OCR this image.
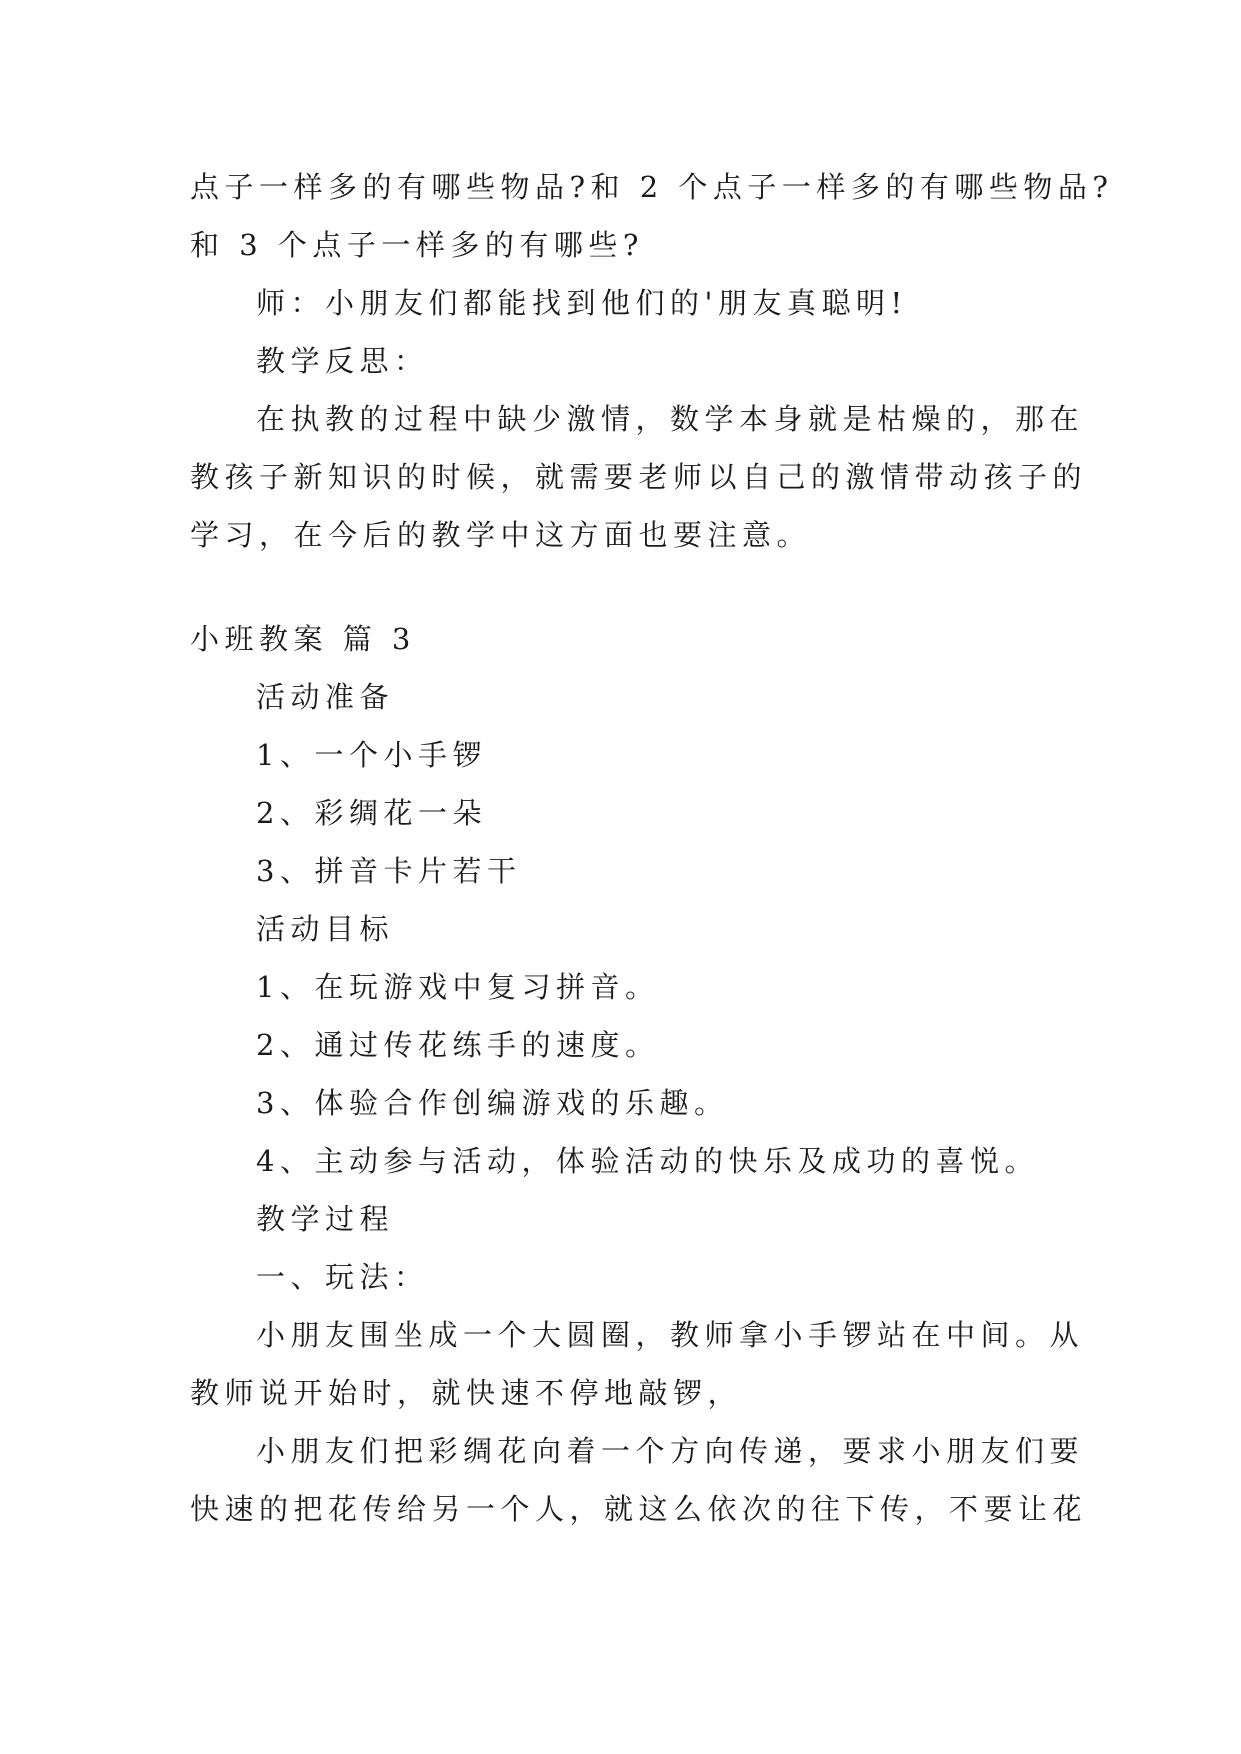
点子一样多的有哪些物品?和 2 个点子一样多的有哪些物品?
和 3 个点子一样多的有哪些?
师：小朋友们都能找到他们的'朋友真聪明!
教学反思：
在执教的过程中缺少激情，数学本身就是枯燥的，那在
教孩子新知识的时候，就需要老师以自己的激情带动孩子的
学习，在今后的教学中这方面也要注意。
小班教案 篇 3
活动准备
1、一个小手锣
2、彩绸花一朵
3、拼音卡片若干
活动目标
1、在玩游戏中复习拼音。
2、通过传花练手的速度。
3、体验合作创编游戏的乐趣。
4、主动参与活动，体验活动的快乐及成功的喜悦。
教学过程
一、玩法：
小朋友围坐成一个大圆圈，教师拿小手锣站在中间。从
教师说开始时，就快速不停地敲锣，
小朋友们把彩绸花向着一个方向传递，要求小朋友们要
快速的把花传给另一个人，就这么依次的往下传，不要让花
